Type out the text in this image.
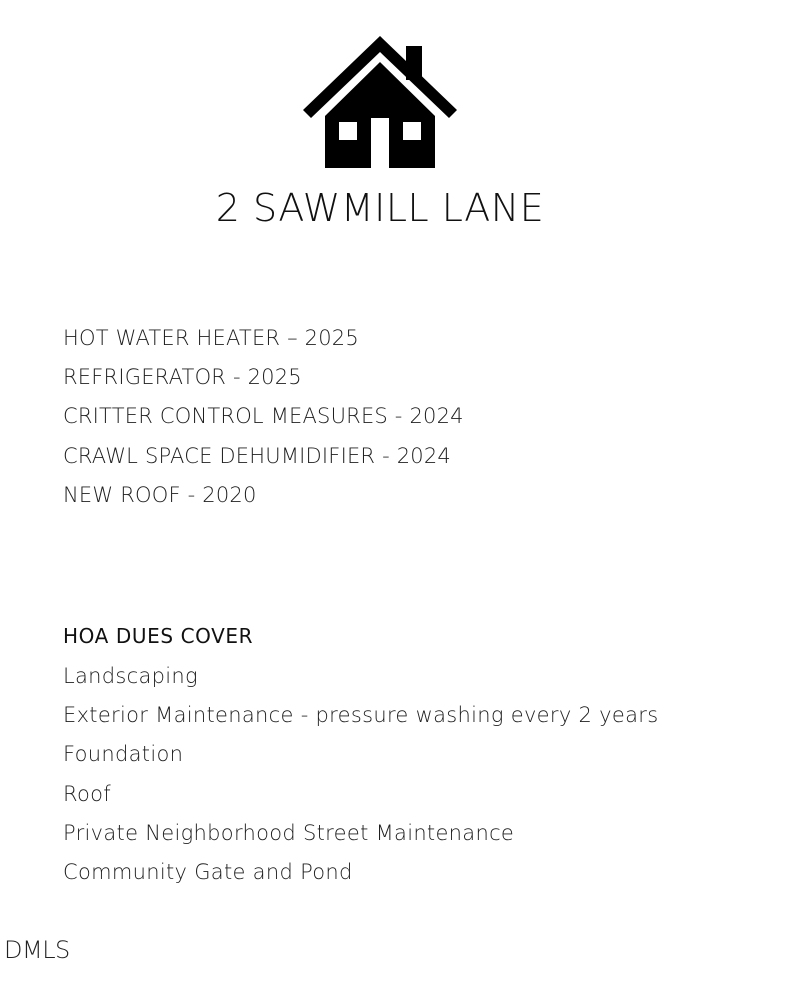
2 SAWMILL LANE
HOT WATER HEATER – 2025
REFRIGERATOR - 2025
CRITTER CONTROL MEASURES - 2024
CRAWL SPACE DEHUMIDIFIER - 2024
NEW ROOF - 2020
HOA DUES COVER
Landscaping
Exterior Maintenance - pressure washing every 2 years
Foundation
Roof
Private Neighborhood Street Maintenance
Community Gate and Pond
DMLS
